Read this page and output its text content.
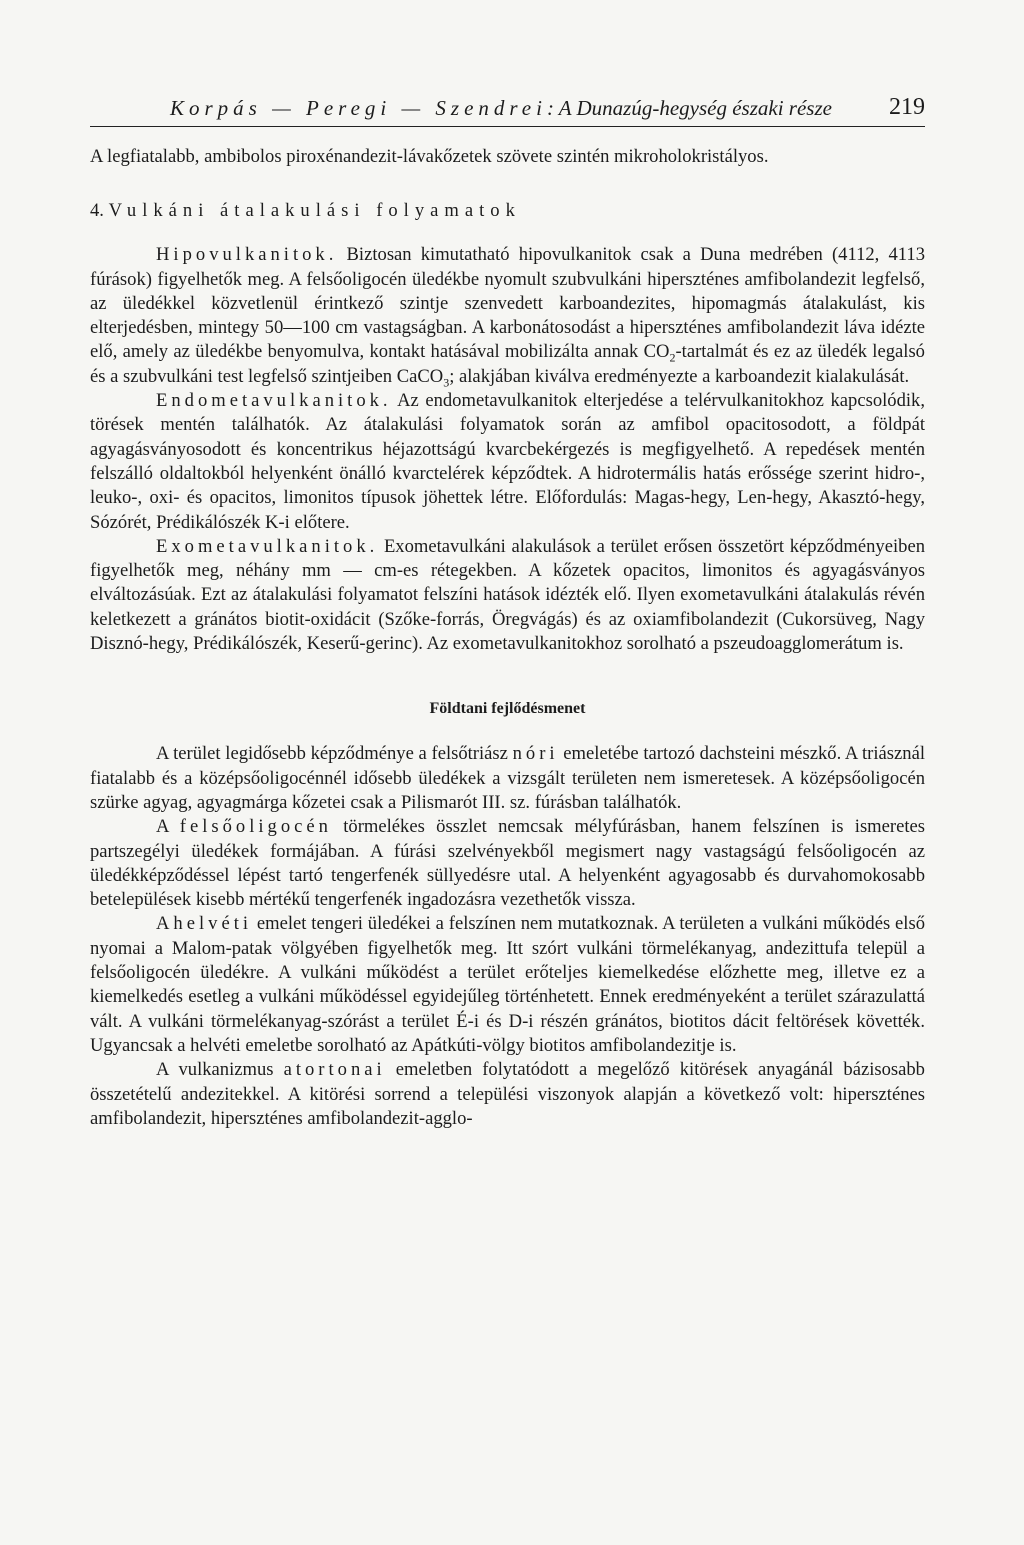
Korpás — Peregi — Szendrei: A Dunazúg-hegység északi része 219

A legfiatalabb, ambibolos piroxénandezit-lávakőzetek szövete szintén mikroholokristályos.

4. Vulkáni átalakulási folyamatok

Hipovulkanitok. Biztosan kimutatható hipovulkanitok csak a Duna medrében (4112, 4113 fúrások) figyelhetők meg. A felsőoligocén üledékbe nyomult szubvulkáni hiperszténes amfibolandezit legfelső, az üledékkel közvetlenül érintkező szintje szenvedett karboandezites, hipomagmás átalakulást, kis elterjedésben, mintegy 50—100 cm vastagságban. A karbonátosodást a hiperszténes amfibolandezit láva idézte elő, amely az üledékbe benyomulva, kontakt hatásával mobilizálta annak $CO_2$-tartalmát és ez az üledék legalsó és a szubvulkáni test legfelső szintjeiben CaCO$_3$; alakjában kiválva eredményezte a karboandezit kialakulását.

Endometavulkanitok. Az endometavulkanitok elterjedése a telérvulkanitokhoz kapcsolódik, törések mentén találhatók. Az átalakulási folyamatok során az amfibol opacitosodott, a földpát agyagásványosodott és koncentrikus héjazottságú kvarcbekérgezés is megfigyelhető. A repedések mentén felszálló oldaltokból helyenként önálló kvarctelérek képződtek. A hidrotermális hatás erőssége szerint hidro-, leuko-, oxi- és opacitos, limonitos típusok jöhettek létre. Előfordulás: Magas-hegy, Len-hegy, Akasztó-hegy, Sózórét, Prédikálószék K-i előtere.

Exometavulkanitok. Exometavulkáni alakulások a terület erősen összetört képződményeiben figyelhetők meg, néhány mm — cm-es rétegekben. A kőzetek opacitos, limonitos és agyagásványos elváltozásúak. Ezt az átalakulási folyamatot felszíni hatások idézték elő. Ilyen exometavulkáni átalakulás révén keletkezett a gránátos biotit-oxidácit (Szőke-forrás, Öregvágás) és az oxiamfibolandezit (Cukorsüveg, Nagy Disznó-hegy, Prédikálószék, Keserű-gerinc). Az exometavulkanitokhoz sorolható a pszeudoagglomerátum is.

Földtani fejlődésmenet

A terület legidősebb képződménye a felsőtriász nóri emeletébe tartozó dachsteini mészkő. A triásznál fiatalabb és a középsőoligocénnél idősebb üledékek a vizsgált területen nem ismeretesek. A középsőoligocén szürke agyag, agyagmárga kőzetei csak a Pilismarót III. sz. fúrásban találhatók.

A felsőoligocén törmelékes összlet nemcsak mélyfúrásban, hanem felszínen is ismeretes partszegélyi üledékek formájában. A fúrási szelvényekből megismert nagy vastagságú felsőoligocén az üledékképződéssel lépést tartó tengerfenék süllyedésre utal. A helyenként agyagosabb és durvahomokosabb betelepülések kisebb mértékű tengerfenék ingadozásra vezethetők vissza.

Ahelvéti emelet tengeri üledékei a felszínen nem mutatkoznak. A területen a vulkáni működés első nyomai a Malom-patak völgyében figyelhetők meg. Itt szórt vulkáni törmelékanyag, andezittufa települ a felsőoligocén üledékre. A vulkáni működést a terület erőteljes kiemelkedése előzhette meg, illetve ez a kiemelkedés esetleg a vulkáni működéssel egyidejűleg történhetett. Ennek eredményeként a terület szárazulattá vált. A vulkáni törmelékanyag-szórást a terület É-i és D-i részén gránátos, biotitos dácit feltörések követték. Ugyancsak a helvéti emeletbe sorolható az Apátkúti-völgy biotitos amfibolandezitje is.

A vulkanizmus atortonai emeletben folytatódott a megelőző kitörések anyagánál bázisosabb összetételű andezitekkel. A kitörési sorrend a települési viszonyok alapján a következő volt: hiperszténes amfibolandezit, hiperszténes amfibolandezit-agglo-
